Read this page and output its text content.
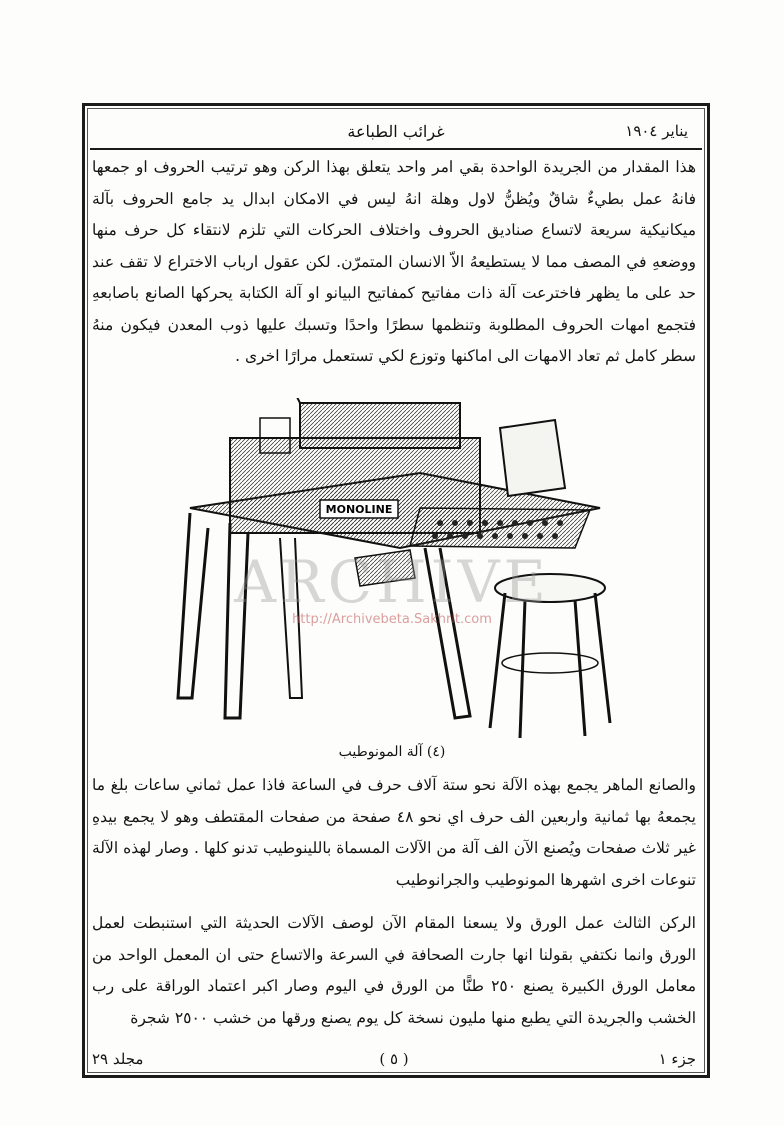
يناير ١٩٠٤
غرائب الطباعة

هذا المقدار من الجريدة الواحدة بقي امر واحد يتعلق بهذا الركن وهو ترتيب الحروف او جمعها فانهُ عمل بطيءٌ شاقٌ ويُظنُّ لاول وهلة انهُ ليس في الامكان ابدال يد جامع الحروف بآلة ميكانيكية سريعة لاتساع صناديق الحروف واختلاف الحركات التي تلزم لانتقاء كل حرف منها ووضعهِ في المصف مما لا يستطيعهُ الاّ الانسان المتمرّن. لكن عقول ارباب الاختراع لا تقف عند حد على ما يظهر فاخترعت آلة ذات مفاتيح كمفاتيح البيانو او آلة الكتابة يحركها الصانع باصابعهِ فتجمع امهات الحروف المطلوبة وتنظمها سطرًا واحدًا وتسبك عليها ذوب المعدن فيكون منهُ سطر كامل ثم تعاد الامهات الى اماكنها وتوزع لكي تستعمل مرارًا اخرى .

MONOLINE
ARCHIVE
http://Archivebeta.Sakhrit.com
(٤) آلة المونوطيب

والصانع الماهر يجمع بهذه الآلة نحو ستة آلاف حرف في الساعة فاذا عمل ثماني ساعات بلغ ما يجمعهُ بها ثمانية واربعين الف حرف اي نحو ٤٨ صفحة من صفحات المقتطف وهو لا يجمع بيدهِ غير ثلاث صفحات ويُصنع الآن الف آلة من الآلات المسماة باللينوطيب تدنو كلها . وصار لهذه الآلة تنوعات اخرى اشهرها المونوطيب والجرانوطيب

الركن الثالث عمل الورق ولا يسعنا المقام الآن لوصف الآلات الحديثة التي استنبطت لعمل الورق وانما نكتفي بقولنا انها جارت الصحافة في السرعة والاتساع حتى ان المعمل الواحد من معامل الورق الكبيرة يصنع ٢٥٠ طنًّا من الورق في اليوم وصار اكبر اعتماد الوراقة على رب الخشب والجريدة التي يطبع منها مليون نسخة كل يوم يصنع ورقها من خشب ٢٥٠٠ شجرة

جزء ١
( ٥ )
مجلد ٢٩
